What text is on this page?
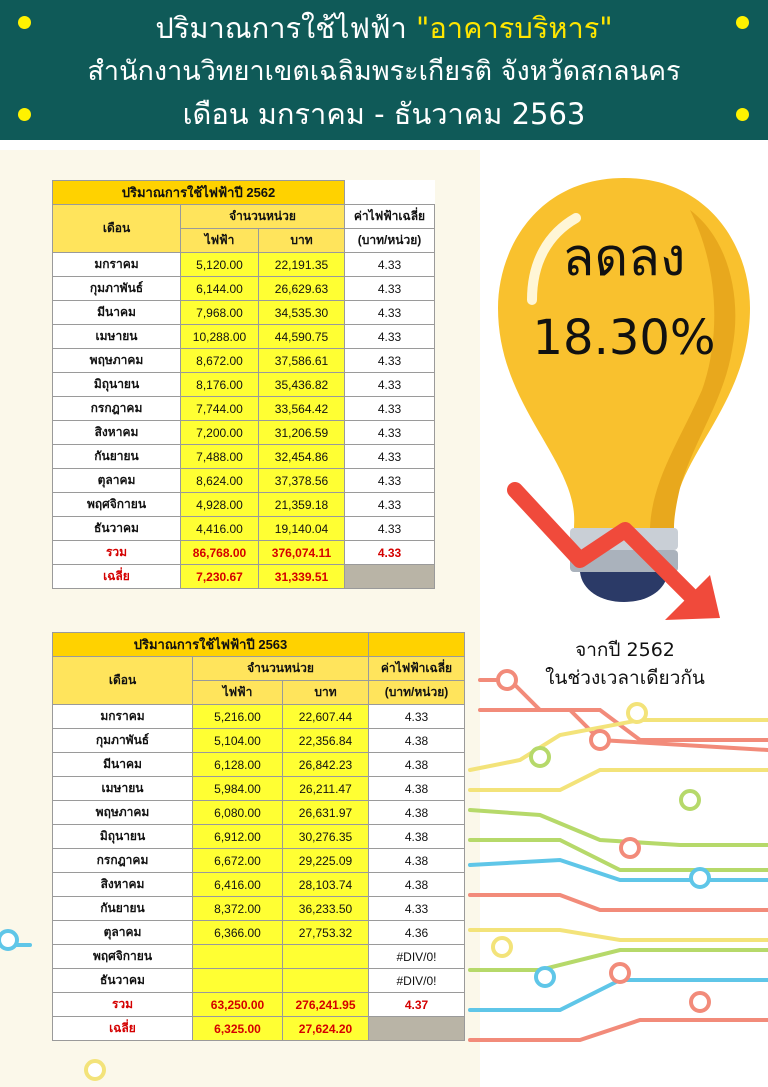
ปริมาณการใช้ไฟฟ้า "อาคารบริหาร"
สำนักงานวิทยาเขตเฉลิมพระเกียรติ จังหวัดสกลนคร
เดือน มกราคม - ธันวาคม 2563
ลดลง
18.30%
จากปี 2562
ในช่วงเวลาเดียวกัน
ปริมาณการใช้ไฟฟ้าปี 2562			
เดือน	จำนวนหน่วย		ค่าไฟฟ้าเฉลี่ย
	ไฟฟ้า	บาท	(บาท/หน่วย)
มกราคม	5,120.00	22,191.35	4.33
กุมภาพันธ์	6,144.00	26,629.63	4.33
มีนาคม	7,968.00	34,535.30	4.33
เมษายน	10,288.00	44,590.75	4.33
พฤษภาคม	8,672.00	37,586.61	4.33
มิถุนายน	8,176.00	35,436.82	4.33
กรกฎาคม	7,744.00	33,564.42	4.33
สิงหาคม	7,200.00	31,206.59	4.33
กันยายน	7,488.00	32,454.86	4.33
ตุลาคม	8,624.00	37,378.56	4.33
พฤศจิกายน	4,928.00	21,359.18	4.33
ธันวาคม	4,416.00	19,140.04	4.33
รวม	86,768.00	376,074.11	4.33
เฉลี่ย	7,230.67	31,339.51	
ปริมาณการใช้ไฟฟ้าปี 2563			
เดือน	จำนวนหน่วย		ค่าไฟฟ้าเฉลี่ย
	ไฟฟ้า	บาท	(บาท/หน่วย)
มกราคม	5,216.00	22,607.44	4.33
กุมภาพันธ์	5,104.00	22,356.84	4.38
มีนาคม	6,128.00	26,842.23	4.38
เมษายน	5,984.00	26,211.47	4.38
พฤษภาคม	6,080.00	26,631.97	4.38
มิถุนายน	6,912.00	30,276.35	4.38
กรกฎาคม	6,672.00	29,225.09	4.38
สิงหาคม	6,416.00	28,103.74	4.38
กันยายน	8,372.00	36,233.50	4.33
ตุลาคม	6,366.00	27,753.32	4.36
พฤศจิกายน			#DIV/0!
ธันวาคม			#DIV/0!
รวม	63,250.00	276,241.95	4.37
เฉลี่ย	6,325.00	27,624.20	
